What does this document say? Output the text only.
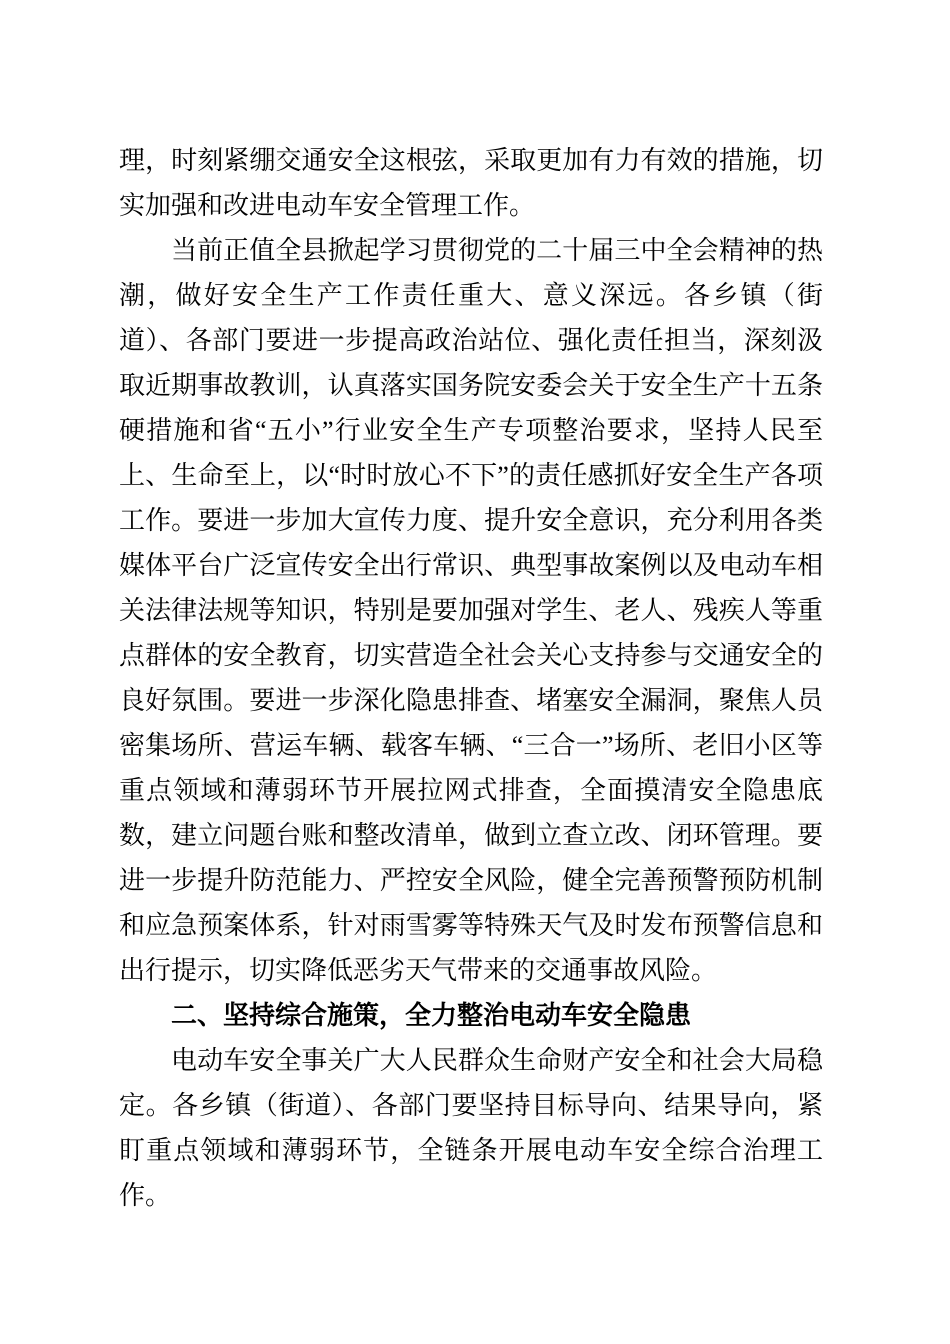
理，时刻紧绷交通安全这根弦，采取更加有力有效的措施，切实加强和改进电动车安全管理工作。

当前正值全县掀起学习贯彻党的二十届三中全会精神的热潮，做好安全生产工作责任重大、意义深远。各乡镇（街道）、各部门要进一步提高政治站位、强化责任担当，深刻汲取近期事故教训，认真落实国务院安委会关于安全生产十五条硬措施和省“五小”行业安全生产专项整治要求，坚持人民至上、生命至上，以“时时放心不下”的责任感抓好安全生产各项工作。要进一步加大宣传力度、提升安全意识，充分利用各类媒体平台广泛宣传安全出行常识、典型事故案例以及电动车相关法律法规等知识，特别是要加强对学生、老人、残疾人等重点群体的安全教育，切实营造全社会关心支持参与交通安全的良好氛围。要进一步深化隐患排查、堵塞安全漏洞，聚焦人员密集场所、营运车辆、载客车辆、“三合一”场所、老旧小区等重点领域和薄弱环节开展拉网式排查，全面摸清安全隐患底数，建立问题台账和整改清单，做到立查立改、闭环管理。要进一步提升防范能力、严控安全风险，健全完善预警预防机制和应急预案体系，针对雨雪雾等特殊天气及时发布预警信息和出行提示，切实降低恶劣天气带来的交通事故风险。

二、坚持综合施策，全力整治电动车安全隐患

电动车安全事关广大人民群众生命财产安全和社会大局稳定。各乡镇（街道）、各部门要坚持目标导向、结果导向，紧盯重点领域和薄弱环节，全链条开展电动车安全综合治理工作。
